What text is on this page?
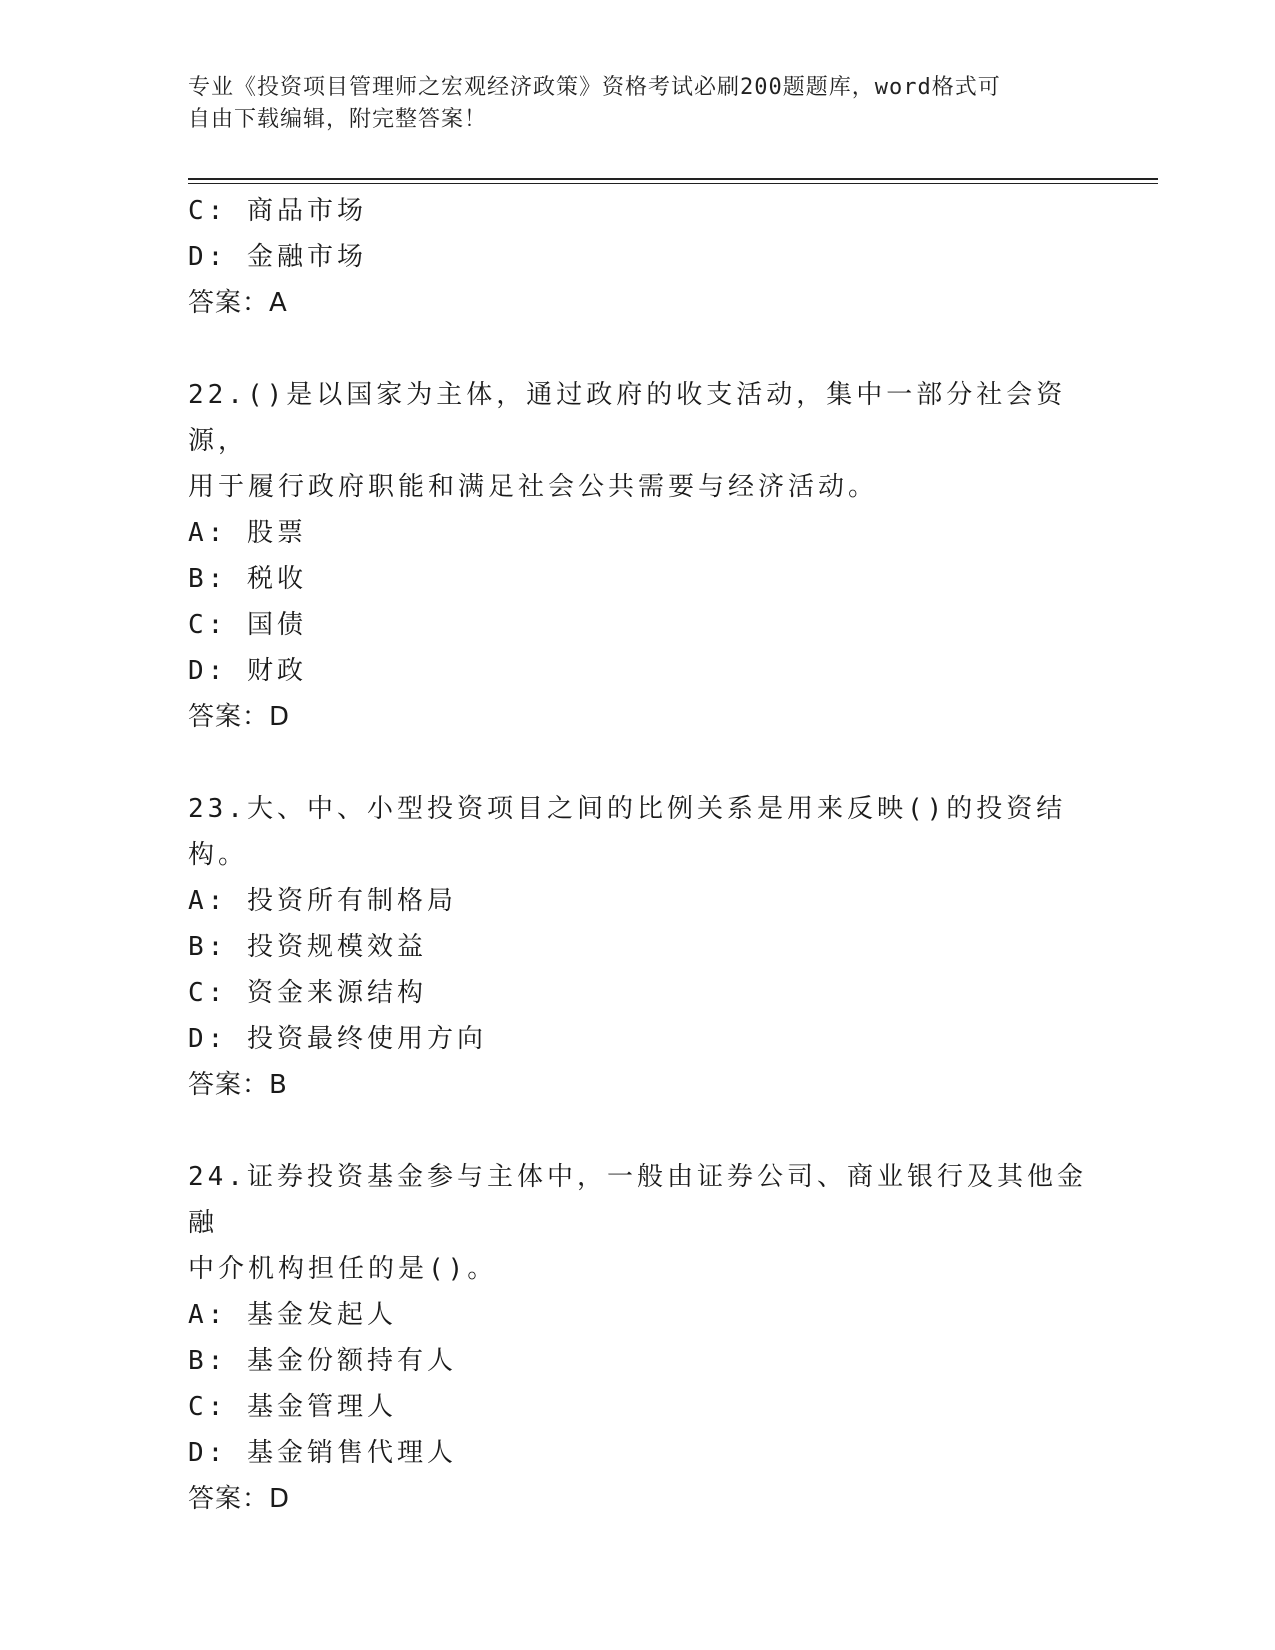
专业《投资项目管理师之宏观经济政策》资格考试必刷200题题库，word格式可
自由下载编辑，附完整答案！
C: 商品市场
D: 金融市场
答案：A
22.()是以国家为主体，通过政府的收支活动，集中一部分社会资源，
用于履行政府职能和满足社会公共需要与经济活动。
A: 股票
B: 税收
C: 国债
D: 财政
答案：D
23.大、中、小型投资项目之间的比例关系是用来反映()的投资结构。
A: 投资所有制格局
B: 投资规模效益
C: 资金来源结构
D: 投资最终使用方向
答案：B
24.证券投资基金参与主体中，一般由证券公司、商业银行及其他金融
中介机构担任的是()。
A: 基金发起人
B: 基金份额持有人
C: 基金管理人
D: 基金销售代理人
答案：D
